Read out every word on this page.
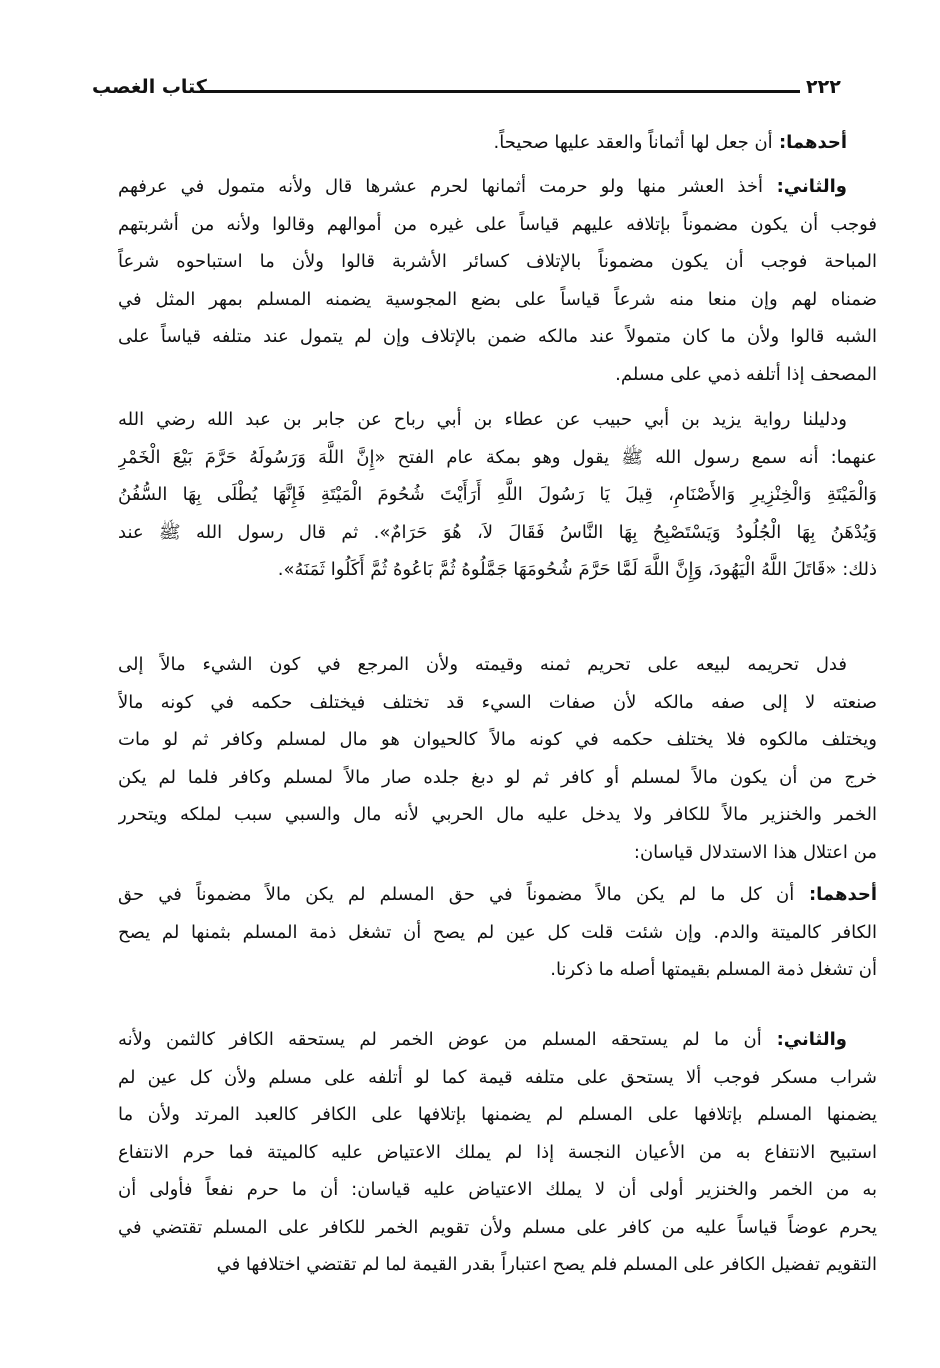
٢٢٢
كتاب الغصب
أحدهما: أن جعل لها أثماناً والعقد عليها صحيحاً.
والثاني: أخذ العشر منها ولو حرمت أثمانها لحرم عشرها قال ولأنه متمول في عرفهم
فوجب أن يكون مضموناً بإتلافه عليهم قياساً على غيره من أموالهم وقالوا ولأنه من أشربتهم
المباحة فوجب أن يكون مضموناً بالإتلاف كسائر الأشربة قالوا ولأن ما استباحوه شرعاً
ضمناه لهم وإن منعا منه شرعاً قياساً على بضع المجوسية يضمنه المسلم بمهر المثل في
الشبه قالوا ولأن ما كان متمولاً عند مالكه ضمن بالإتلاف وإن لم يتمول عند متلفه قياساً على
المصحف إذا أتلفه ذمي على مسلم.
ودليلنا رواية يزيد بن أبي حبيب عن عطاء بن أبي رباح عن جابر بن عبد الله رضي الله
عنهما: أنه سمع رسول الله ﷺ يقول وهو بمكة عام الفتح «إِنَّ اللَّهَ وَرَسُولَهُ حَرَّمَ بَيْعَ الْخَمْرِ
وَالْمَيْتَةِ وَالْخِنْزِيرِ وَالأَصْنَامِ، قِيلَ يَا رَسُولَ اللَّهِ أَرَأَيْتَ شُحُومَ الْمَيْتَةِ فَإِنَّهَا يُطْلَى بِهَا السُّفُنُ
وَيُدْهَنُ بِهَا الْجُلُودُ وَيَسْتَصْبِحُ بِهَا النَّاسُ فَقَالَ لاَ، هُوَ حَرَامٌ». ثم قال رسول الله ﷺ عند
ذلك: «قَاتَلَ اللَّهُ الْيَهُودَ، وَإِنَّ اللَّهَ لَمَّا حَرَّمَ شُحُومَهَا جَمَّلُوهُ ثُمَّ بَاعُوهُ ثُمَّ أَكَلُوا ثَمَنَهُ».
فدل تحريمه لبيعه على تحريم ثمنه وقيمته ولأن المرجع في كون الشيء مالاً إلى
صنعته لا إلى صفه مالكه لأن صفات السيء قد تختلف فيختلف حكمه في كونه مالاً
ويختلف مالكوه فلا يختلف حكمه في كونه مالاً كالحيوان هو مال لمسلم وكافر ثم لو مات
خرج من أن يكون مالاً لمسلم أو كافر ثم لو دبغ جلده صار مالاً لمسلم وكافر فلما لم يكن
الخمر والخنزير مالاً للكافر ولا يدخل عليه مال الحربي لأنه مال والسبي سبب لملكه ويتحرر
من اعتلال هذا الاستدلال قياسان:
أحدهما: أن كل ما لم يكن مالاً مضموناً في حق المسلم لم يكن مالاً مضموناً في حق
الكافر كالميتة والدم. وإن شئت قلت كل عين لم يصح أن تشغل ذمة المسلم بثمنها لم يصح
أن تشغل ذمة المسلم بقيمتها أصله ما ذكرنا.
والثاني: أن ما لم يستحقه المسلم من عوض الخمر لم يستحقه الكافر كالثمن ولأنه
شراب مسكر فوجب ألا يستحق على متلفه قيمة كما لو أتلفه على مسلم ولأن كل عين لم
يضمنها المسلم بإتلافها على المسلم لم يضمنها بإتلافها على الكافر كالعبد المرتد ولأن ما
استبيح الانتفاع به من الأعيان النجسة إذا لم يملك الاعتياض عليه كالميتة فما حرم الانتفاع
به من الخمر والخنزير أولى أن لا يملك الاعتياض عليه قياسان: أن ما حرم نفعاً فأولى أن
يحرم عوضاً قياساً عليه من كافر على مسلم ولأن تقويم الخمر للكافر على المسلم تقتضي في
التقويم تفضيل الكافر على المسلم فلم يصح اعتباراً بقدر القيمة لما لم تقتضي اختلافها في
